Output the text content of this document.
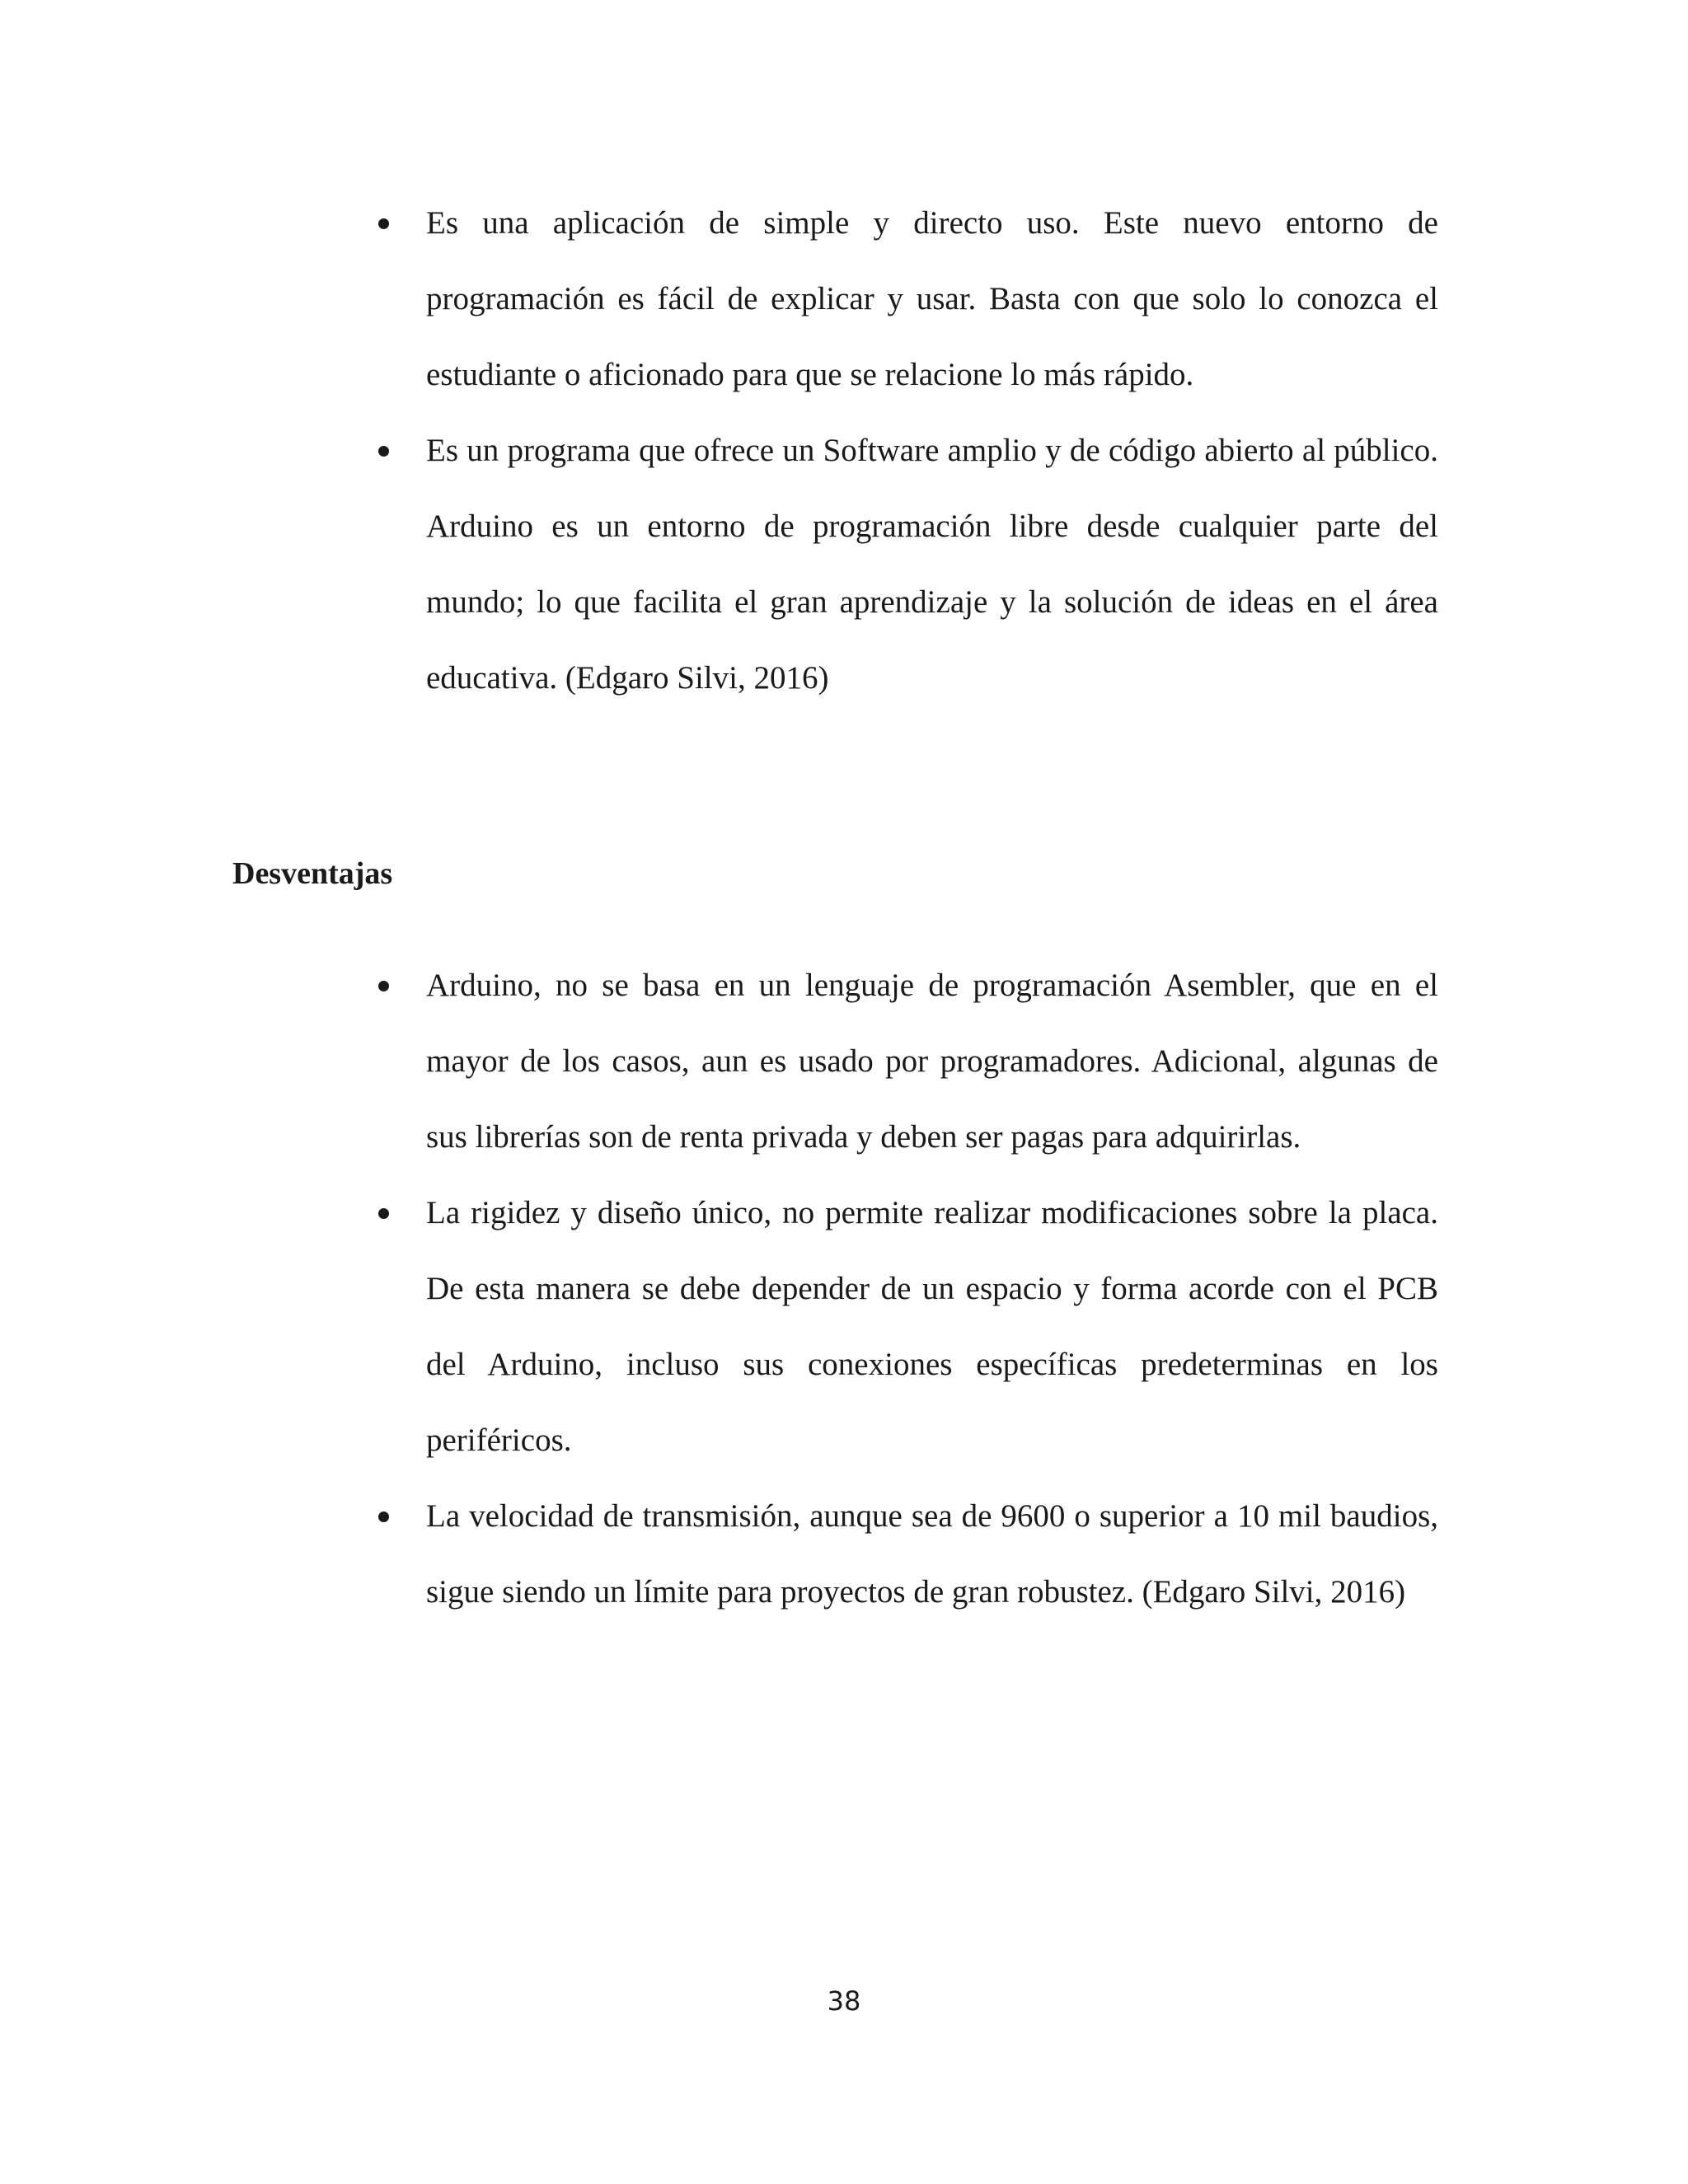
Es una aplicación de simple y directo uso. Este nuevo entorno de programación es fácil de explicar y usar. Basta con que solo lo conozca el estudiante o aficionado para que se relacione lo más rápido.
Es un programa que ofrece un Software amplio y de código abierto al público. Arduino es un entorno de programación libre desde cualquier parte del mundo; lo que facilita el gran aprendizaje y la solución de ideas en el área educativa. (Edgaro Silvi, 2016)
Desventajas
Arduino, no se basa en un lenguaje de programación Asembler, que en el mayor de los casos, aun es usado por programadores. Adicional, algunas de sus librerías son de renta privada y deben ser pagas para adquirirlas.
La rigidez y diseño único, no permite realizar modificaciones sobre la placa. De esta manera se debe depender de un espacio y forma acorde con el PCB del Arduino, incluso sus conexiones específicas predeterminas en los periféricos.
La velocidad de transmisión, aunque sea de 9600 o superior a 10 mil baudios, sigue siendo un límite para proyectos de gran robustez. (Edgaro Silvi, 2016)
38
